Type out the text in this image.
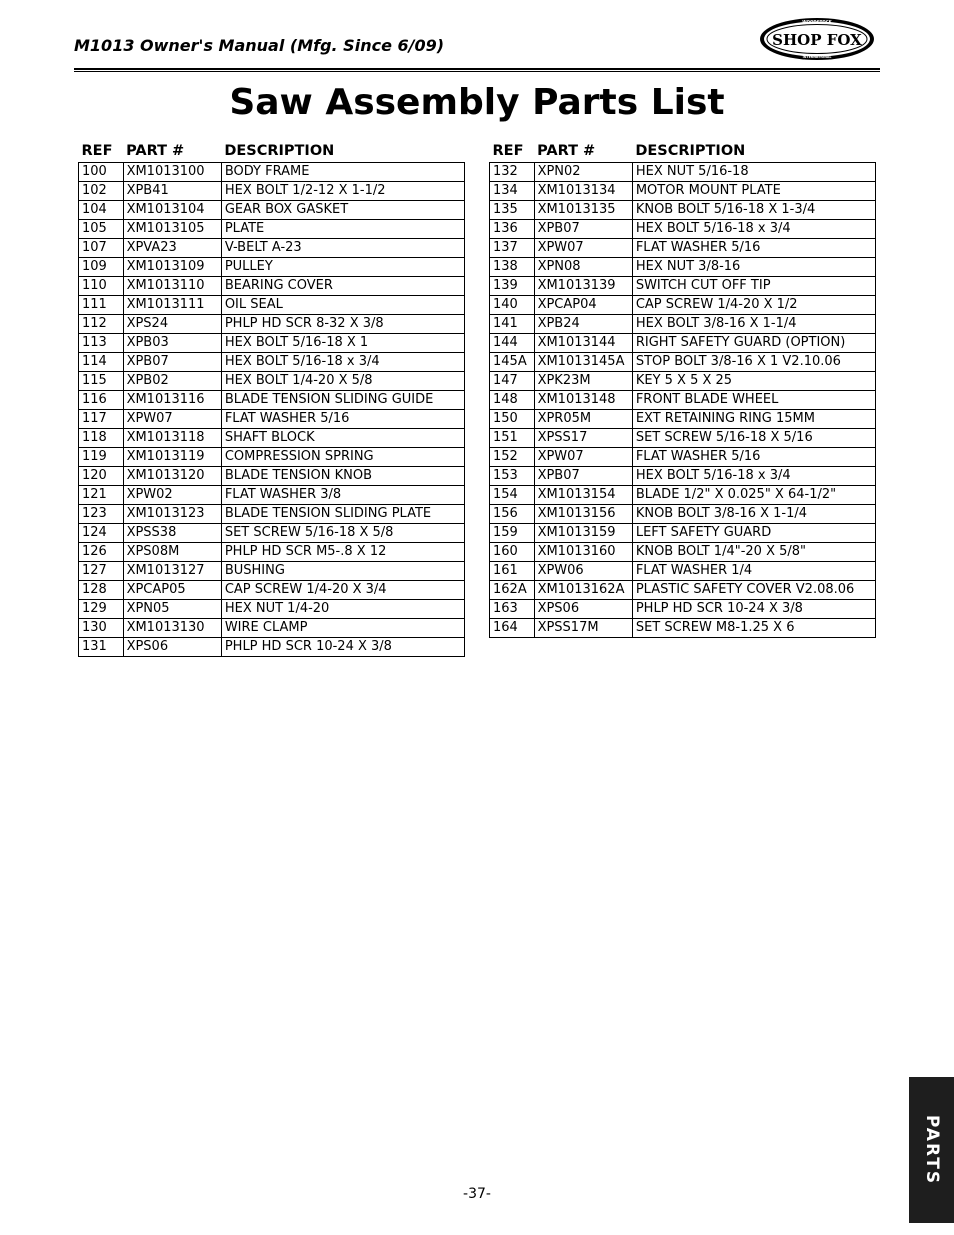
M1013 Owner's Manual (Mfg. Since 6/09)
WOODSTOCK
SHOP FOX
INTERNATIONAL
Saw Assembly Parts List
REF	PART #	DESCRIPTION
100	XM1013100	BODY FRAME
102	XPB41	HEX BOLT 1/2-12 X 1-1/2
104	XM1013104	GEAR BOX GASKET
105	XM1013105	PLATE
107	XPVA23	V-BELT A-23
109	XM1013109	PULLEY
110	XM1013110	BEARING COVER
111	XM1013111	OIL SEAL
112	XPS24	PHLP HD SCR 8-32 X 3/8
113	XPB03	HEX BOLT 5/16-18 X 1
114	XPB07	HEX BOLT 5/16-18 x 3/4
115	XPB02	HEX BOLT 1/4-20 X 5/8
116	XM1013116	BLADE TENSION SLIDING GUIDE
117	XPW07	FLAT WASHER 5/16
118	XM1013118	SHAFT BLOCK
119	XM1013119	COMPRESSION SPRING
120	XM1013120	BLADE TENSION KNOB
121	XPW02	FLAT WASHER 3/8
123	XM1013123	BLADE TENSION SLIDING PLATE
124	XPSS38	SET SCREW 5/16-18 X 5/8
126	XPS08M	PHLP HD SCR M5-.8 X 12
127	XM1013127	BUSHING
128	XPCAP05	CAP SCREW 1/4-20 X 3/4
129	XPN05	HEX NUT 1/4-20
130	XM1013130	WIRE CLAMP
131	XPS06	PHLP HD SCR 10-24 X 3/8
REF	PART #	DESCRIPTION
132	XPN02	HEX NUT 5/16-18
134	XM1013134	MOTOR MOUNT PLATE
135	XM1013135	KNOB BOLT 5/16-18 X 1-3/4
136	XPB07	HEX BOLT 5/16-18 x 3/4
137	XPW07	FLAT WASHER 5/16
138	XPN08	HEX NUT 3/8-16
139	XM1013139	SWITCH CUT OFF TIP
140	XPCAP04	CAP SCREW 1/4-20 X 1/2
141	XPB24	HEX BOLT 3/8-16 X 1-1/4
144	XM1013144	RIGHT SAFETY GUARD (OPTION)
145A	XM1013145A	STOP BOLT 3/8-16 X 1 V2.10.06
147	XPK23M	KEY 5 X 5 X 25
148	XM1013148	FRONT BLADE WHEEL
150	XPR05M	EXT RETAINING RING 15MM
151	XPSS17	SET SCREW 5/16-18 X 5/16
152	XPW07	FLAT WASHER 5/16
153	XPB07	HEX BOLT 5/16-18 x 3/4
154	XM1013154	BLADE 1/2" X 0.025" X 64-1/2"
156	XM1013156	KNOB BOLT 3/8-16 X 1-1/4
159	XM1013159	LEFT SAFETY GUARD
160	XM1013160	KNOB BOLT 1/4"-20 X 5/8"
161	XPW06	FLAT WASHER 1/4
162A	XM1013162A	PLASTIC SAFETY COVER V2.08.06
163	XPS06	PHLP HD SCR 10-24 X 3/8
164	XPSS17M	SET SCREW M8-1.25 X 6
PARTS
-37-
